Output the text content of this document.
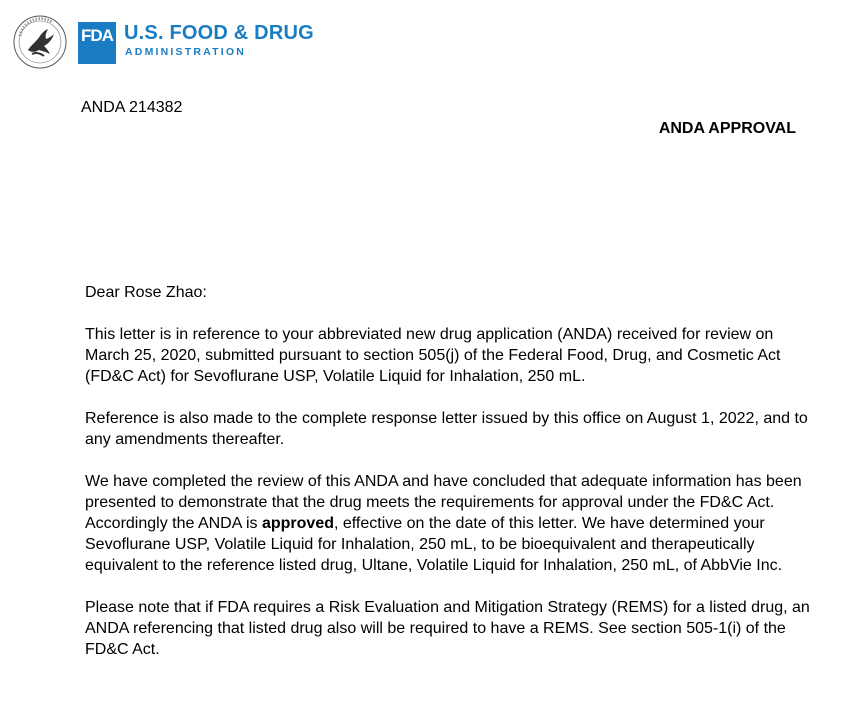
FDA U.S. FOOD & DRUG
ADMINISTRATION
ANDA 214382
ANDA APPROVAL

Dear Rose Zhao:

This letter is in reference to your abbreviated new drug application (ANDA) received for review on March 25, 2020, submitted pursuant to section 505(j) of the Federal Food, Drug, and Cosmetic Act (FD&C Act) for Sevoflurane USP, Volatile Liquid for Inhalation, 250 mL.

Reference is also made to the complete response letter issued by this office on August 1, 2022, and to any amendments thereafter.

We have completed the review of this ANDA and have concluded that adequate information has been presented to demonstrate that the drug meets the requirements for approval under the FD&C Act. Accordingly the ANDA is approved, effective on the date of this letter. We have determined your Sevoflurane USP, Volatile Liquid for Inhalation, 250 mL, to be bioequivalent and therapeutically equivalent to the reference listed drug, Ultane, Volatile Liquid for Inhalation, 250 mL, of AbbVie Inc.

Please note that if FDA requires a Risk Evaluation and Mitigation Strategy (REMS) for a listed drug, an ANDA referencing that listed drug also will be required to have a REMS. See section 505-1(i) of the FD&C Act.
